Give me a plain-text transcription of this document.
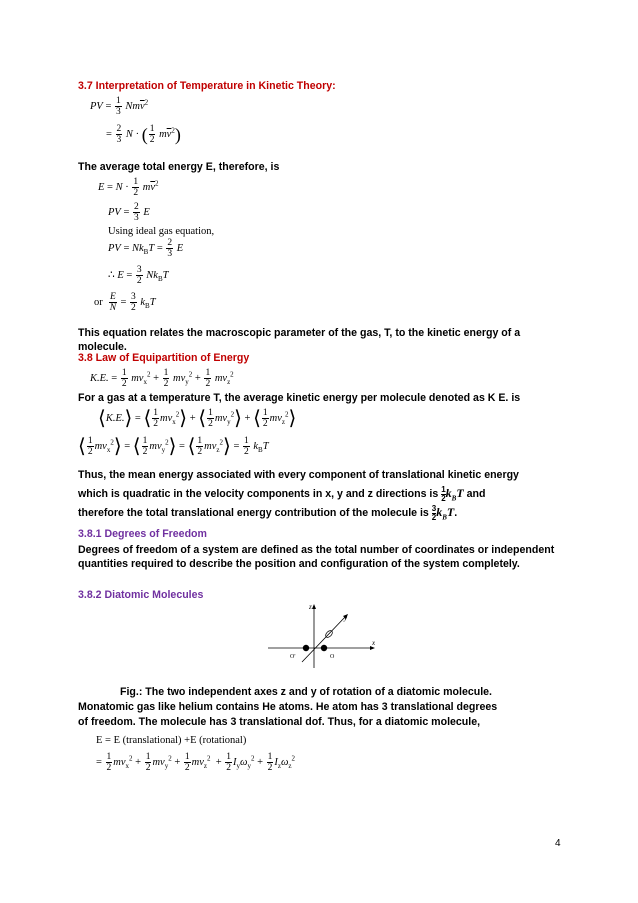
3.7 Interpretation of Temperature in Kinetic Theory:
PV = $\frac{1}{3} Nm\overline{v}^2$
= $\frac{2}{3}$ N · ( $\frac{1}{2} m\overline{v}^2$)
The average total energy E, therefore, is
$E = N \cdot \frac{1}{2} m\overline{v}^2$
PV = $\frac{2}{3}$ E
Using ideal gas equation,
PV = $Nk_BT = \frac{2}{3}$ E
∴ $E = \frac{3}{2} Nk_BT$
or $\frac{E}{N} = \frac{3}{2} k_BT$
This equation relates the macroscopic parameter of the gas, T, to the kinetic energy of a molecule.
3.8 Law of Equipartition of Energy
K.E. = $\frac{1}{2} mv_x^2 + \frac{1}{2} mv_y^2 + \frac{1}{2} mv_z^2$
For a gas at a temperature T, the average kinetic energy per molecule denoted as K E. is
⟨K.E.⟩ = ⟨ $\frac{1}{2}$ $mv_x^2⟩$ + ⟨ $\frac{1}{2}$ $mv_y^2⟩$ + ⟨ $\frac{1}{2}$ $mv_z^2⟩$
⟨ $\frac{1}{2}$ $mv_x^2⟩$ = ⟨ $\frac{1}{2}$ $mv_y^2⟩$ = ⟨ $\frac{1}{2}$ $mv_z^2⟩ = \frac{1}{2} k_BT$
Thus, the mean energy associated with every component of translational kinetic energy
which is quadratic in the velocity components in x, y and z directions is $\frac{1}{2} k_BT$ and
therefore the total translational energy contribution of the molecule is $\frac{3}{2} k_BT$.
3.8.1 Degrees of Freedom
Degrees of freedom of a system are defined as the total number of coordinates or independent quantities required to describe the position and configuration of the system completely.
3.8.2 Diatomic Molecules
z
y
x
O'	O
Fig.: The two independent axes z and y of rotation of a diatomic molecule.
Monatomic gas like helium contains He atoms. He atom has 3 translational degrees
of freedom. The molecule has 3 translational dof. Thus, for a diatomic molecule,
E = E (translational) +E (rotational)
= $\frac{1}{2} mv_x^2 + \frac{1}{2} mv_y^2 + \frac{1}{2} mv_z^2 + \frac{1}{2} I_y\omega_y^2 + \frac{1}{2} I_z\omega_z^2$
4
